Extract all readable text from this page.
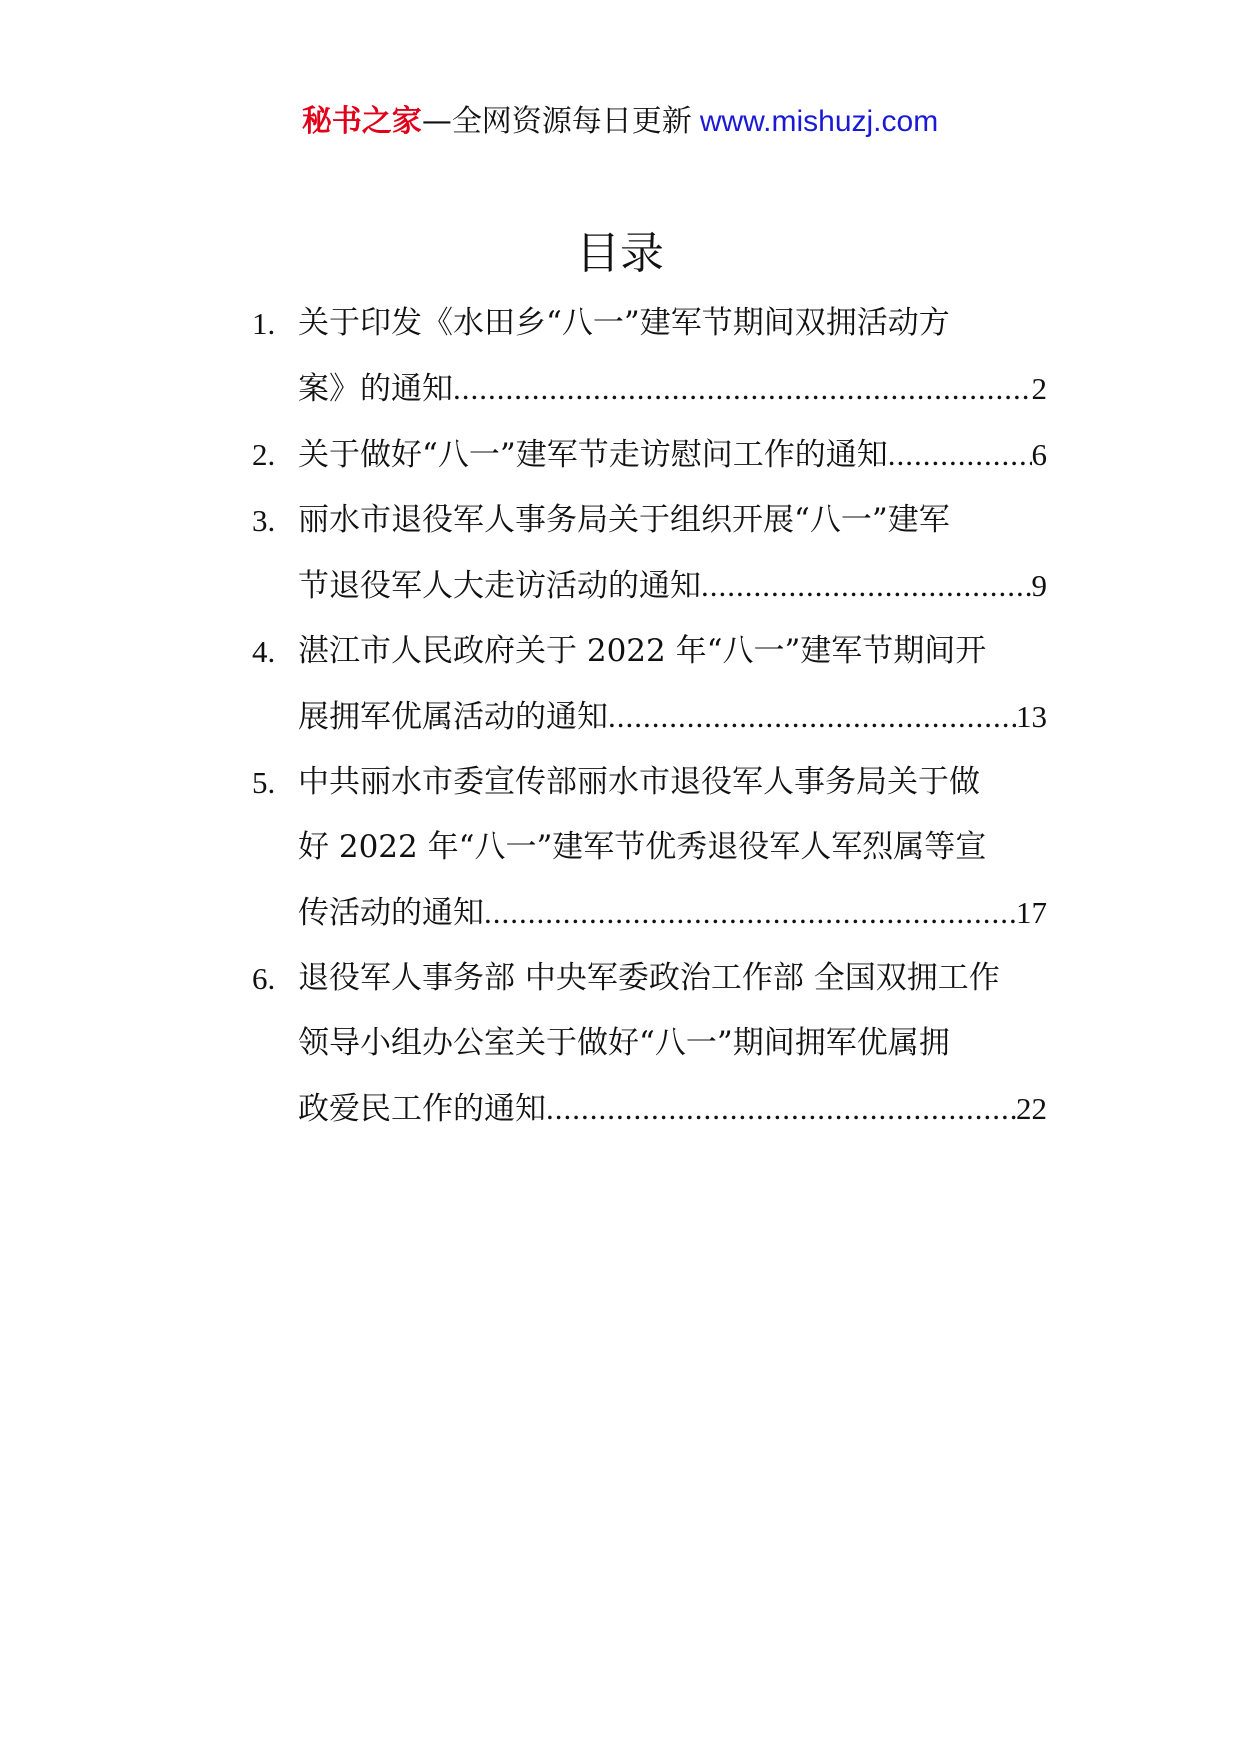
秘书之家—全网资源每日更新 www.mishuzj.com
目录
1. 关于印发《水田乡“八一”建军节期间双拥活动方
案》的通知 .....	2
2. 关于做好“八一”建军节走访慰问工作的通知 .....	6
3. 丽水市退役军人事务局关于组织开展“八一”建军
节退役军人大走访活动的通知 .....	9
4. 湛江市人民政府关于 2022 年“八一”建军节期间开
展拥军优属活动的通知 .....	13
5. 中共丽水市委宣传部丽水市退役军人事务局关于做
好 2022 年“八一”建军节优秀退役军人军烈属等宣
传活动的通知 .....	17
6. 退役军人事务部 中央军委政治工作部 全国双拥工作
领导小组办公室关于做好“八一”期间拥军优属拥
政爱民工作的通知 .....	22
